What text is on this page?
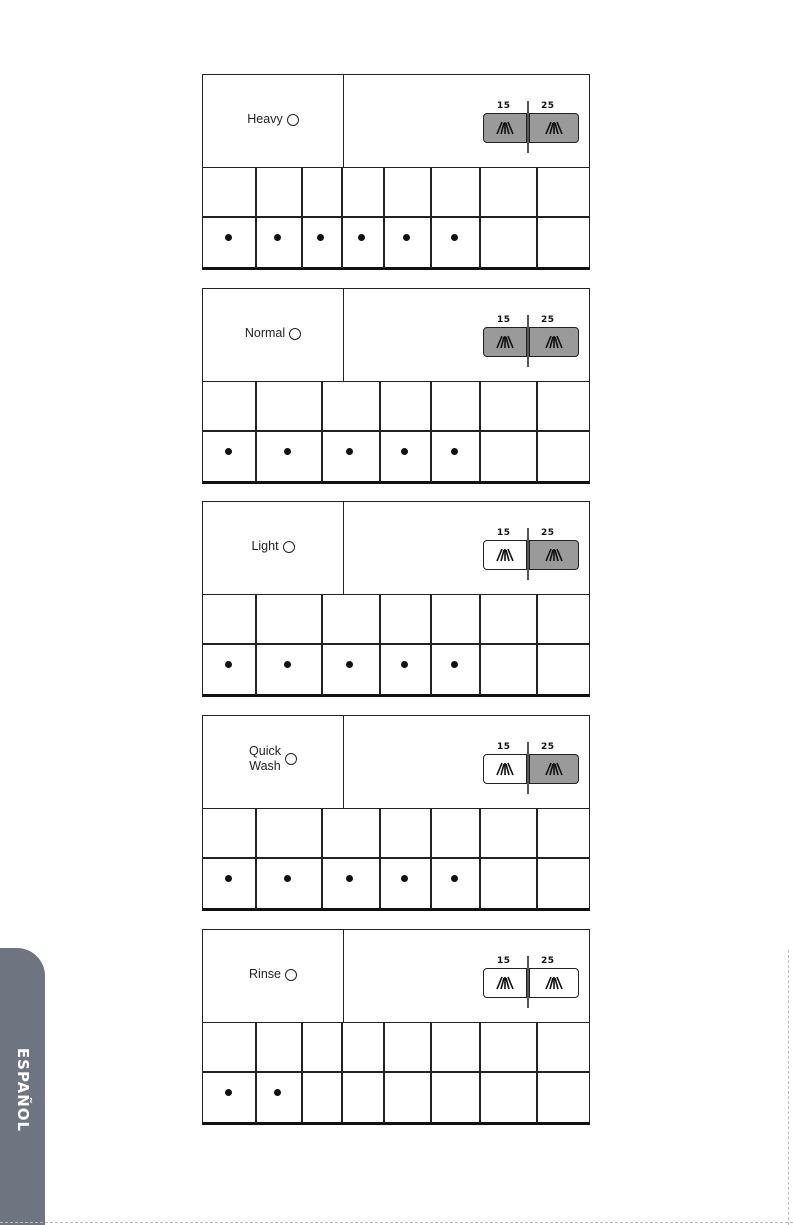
ESPAÑOL
Heavy
15	25
Normal
15	25
Light
15	25
Quick
Wash
15	25
Rinse
15	25
